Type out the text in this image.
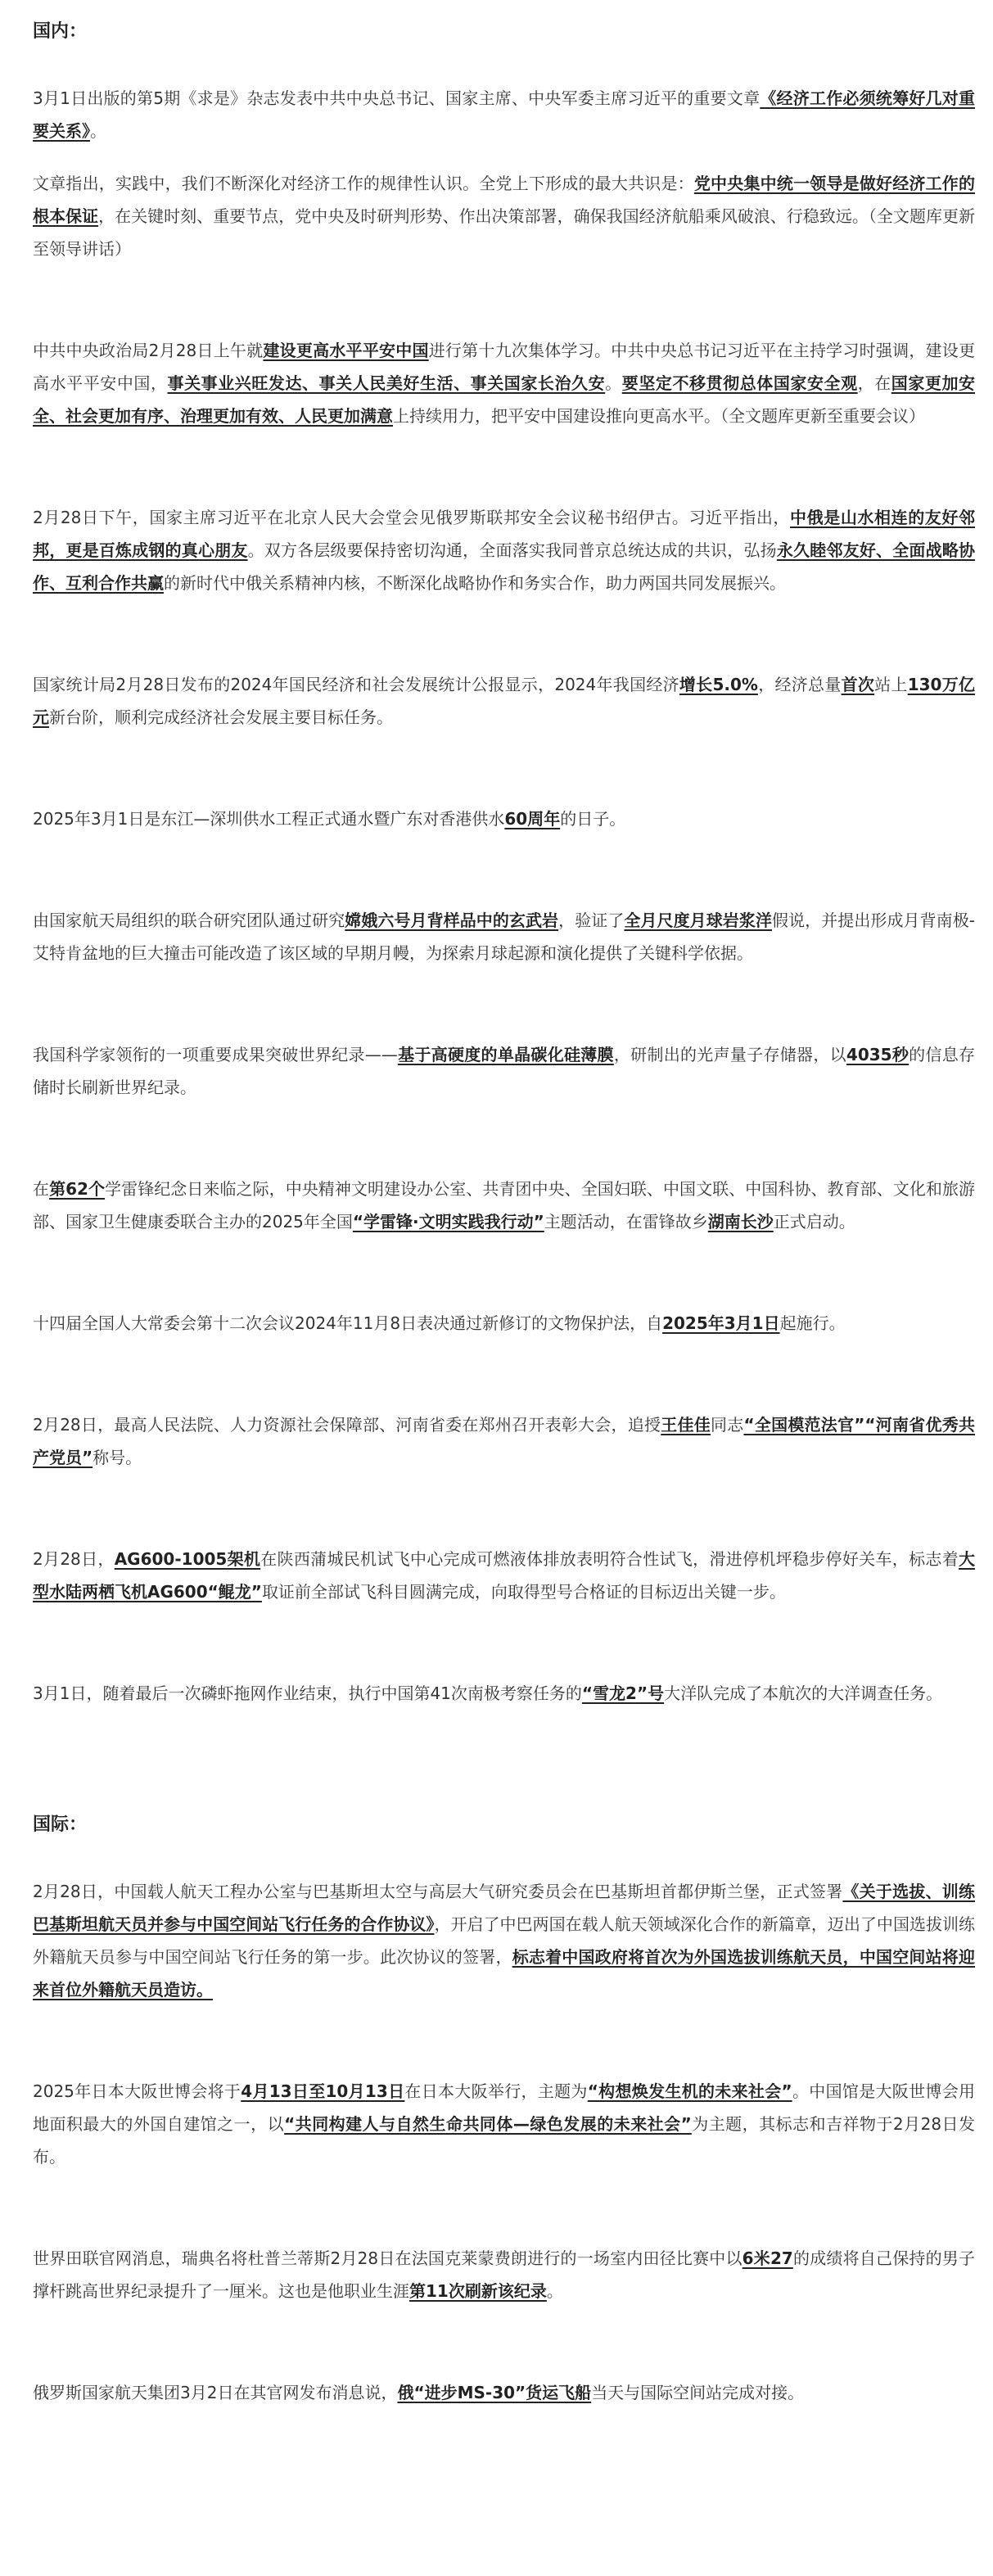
国内：

3月1日出版的第5期《求是》杂志发表中共中央总书记、国家主席、中央军委主席习近平的重要文章《经济工作必须统筹好几对重要关系》。

文章指出，实践中，我们不断深化对经济工作的规律性认识。全党上下形成的最大共识是：党中央集中统一领导是做好经济工作的根本保证，在关键时刻、重要节点，党中央及时研判形势、作出决策部署，确保我国经济航船乘风破浪、行稳致远。（全文题库更新至领导讲话）

中共中央政治局2月28日上午就建设更高水平平安中国进行第十九次集体学习。中共中央总书记习近平在主持学习时强调，建设更高水平平安中国，事关事业兴旺发达、事关人民美好生活、事关国家长治久安。要坚定不移贯彻总体国家安全观，在国家更加安全、社会更加有序、治理更加有效、人民更加满意上持续用力，把平安中国建设推向更高水平。（全文题库更新至重要会议）

2月28日下午，国家主席习近平在北京人民大会堂会见俄罗斯联邦安全会议秘书绍伊古。习近平指出，中俄是山水相连的友好邻邦，更是百炼成钢的真心朋友。双方各层级要保持密切沟通，全面落实我同普京总统达成的共识，弘扬永久睦邻友好、全面战略协作、互利合作共赢的新时代中俄关系精神内核，不断深化战略协作和务实合作，助力两国共同发展振兴。

国家统计局2月28日发布的2024年国民经济和社会发展统计公报显示，2024年我国经济增长5.0%，经济总量首次站上130万亿元新台阶，顺利完成经济社会发展主要目标任务。

2025年3月1日是东江—深圳供水工程正式通水暨广东对香港供水60周年的日子。

由国家航天局组织的联合研究团队通过研究嫦娥六号月背样品中的玄武岩，验证了全月尺度月球岩浆洋假说，并提出形成月背南极-艾特肯盆地的巨大撞击可能改造了该区域的早期月幔，为探索月球起源和演化提供了关键科学依据。

我国科学家领衔的一项重要成果突破世界纪录——基于高硬度的单晶碳化硅薄膜，研制出的光声量子存储器，以4035秒的信息存储时长刷新世界纪录。

在第62个学雷锋纪念日来临之际，中央精神文明建设办公室、共青团中央、全国妇联、中国文联、中国科协、教育部、文化和旅游部、国家卫生健康委联合主办的2025年全国“学雷锋·文明实践我行动”主题活动，在雷锋故乡湖南长沙正式启动。

十四届全国人大常委会第十二次会议2024年11月8日表决通过新修订的文物保护法，自2025年3月1日起施行。

2月28日，最高人民法院、人力资源社会保障部、河南省委在郑州召开表彰大会，追授王佳佳同志“全国模范法官”“河南省优秀共产党员”称号。

2月28日，AG600-1005架机在陕西蒲城民机试飞中心完成可燃液体排放表明符合性试飞，滑进停机坪稳步停好关车，标志着大型水陆两栖飞机AG600“鲲龙”取证前全部试飞科目圆满完成，向取得型号合格证的目标迈出关键一步。

3月1日，随着最后一次磷虾拖网作业结束，执行中国第41次南极考察任务的“雪龙2”号大洋队完成了本航次的大洋调查任务。

国际：

2月28日，中国载人航天工程办公室与巴基斯坦太空与高层大气研究委员会在巴基斯坦首都伊斯兰堡，正式签署《关于选拔、训练巴基斯坦航天员并参与中国空间站飞行任务的合作协议》，开启了中巴两国在载人航天领域深化合作的新篇章，迈出了中国选拔训练外籍航天员参与中国空间站飞行任务的第一步。此次协议的签署，标志着中国政府将首次为外国选拔训练航天员，中国空间站将迎来首位外籍航天员造访。

2025年日本大阪世博会将于4月13日至10月13日在日本大阪举行，主题为“构想焕发生机的未来社会”。中国馆是大阪世博会用地面积最大的外国自建馆之一，以“共同构建人与自然生命共同体—绿色发展的未来社会”为主题，其标志和吉祥物于2月28日发布。

世界田联官网消息，瑞典名将杜普兰蒂斯2月28日在法国克莱蒙费朗进行的一场室内田径比赛中以6米27的成绩将自己保持的男子撑杆跳高世界纪录提升了一厘米。这也是他职业生涯第11次刷新该纪录。

俄罗斯国家航天集团3月2日在其官网发布消息说，俄“进步MS-30”货运飞船当天与国际空间站完成对接。
